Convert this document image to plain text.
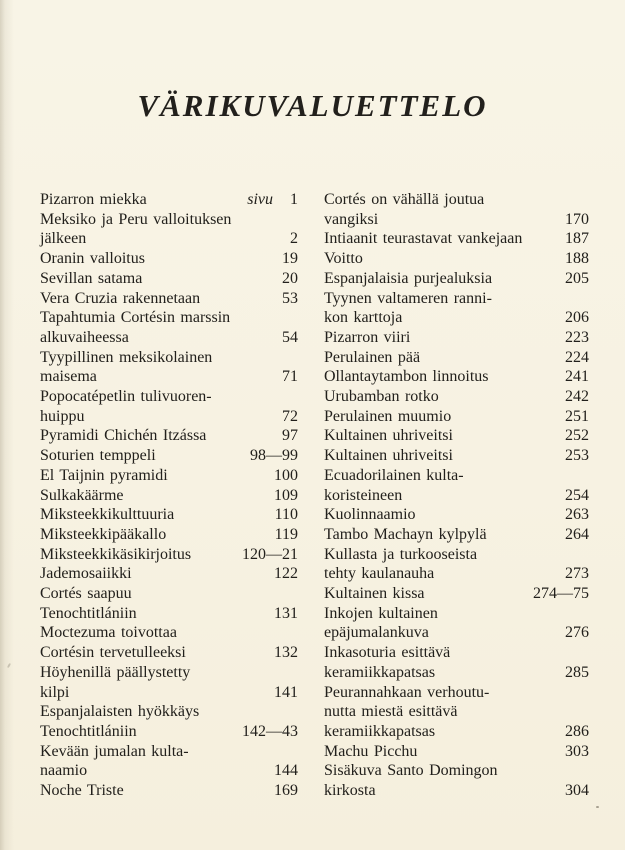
VÄRIKUVALUETTELO
Pizarron miekka	sivu 1
Meksiko ja Peru valloituksen
jälkeen	2
Oranin valloitus	19
Sevillan satama	20
Vera Cruzia rakennetaan	53
Tapahtumia Cortésin marssin
alkuvaiheessa	54
Tyypillinen meksikolainen
maisema	71
Popocatépetlin tulivuoren-
huippu	72
Pyramidi Chichén Itzássa	97
Soturien temppeli	98—99
El Taijnin pyramidi	100
Sulkakäärme	109
Miksteekkikulttuuria	110
Miksteekkipääkallo	119
Miksteekkikäsikirjoitus	120—21
Jademosaiikki	122
Cortés saapuu
Tenochtitlániin	131
Moctezuma toivottaa
Cortésin tervetulleeksi	132
Höyhenillä päällystetty
kilpi	141
Espanjalaisten hyökkäys
Tenochtitlániin	142—43
Kevään jumalan kulta-
naamio	144
Noche Triste	169
Cortés on vähällä joutua
vangiksi	170
Intiaanit teurastavat vankejaan	187
Voitto	188
Espanjalaisia purjealuksia	205
Tyynen valtameren ranni-
kon karttoja	206
Pizarron viiri	223
Perulainen pää	224
Ollantaytambon linnoitus	241
Urubamban rotko	242
Perulainen muumio	251
Kultainen uhriveitsi	252
Kultainen uhriveitsi	253
Ecuadorilainen kulta-
koristeineen	254
Kuolinnaamio	263
Tambo Machayn kylpylä	264
Kullasta ja turkooseista
tehty kaulanauha	273
Kultainen kissa	274—75
Inkojen kultainen
epäjumalankuva	276
Inkasoturia esittävä
keramiikkapatsas	285
Peurannahkaan verhoutu-
nutta miestä esittävä
keramiikkapatsas	286
Machu Picchu	303
Sisäkuva Santo Domingon
kirkosta	304
